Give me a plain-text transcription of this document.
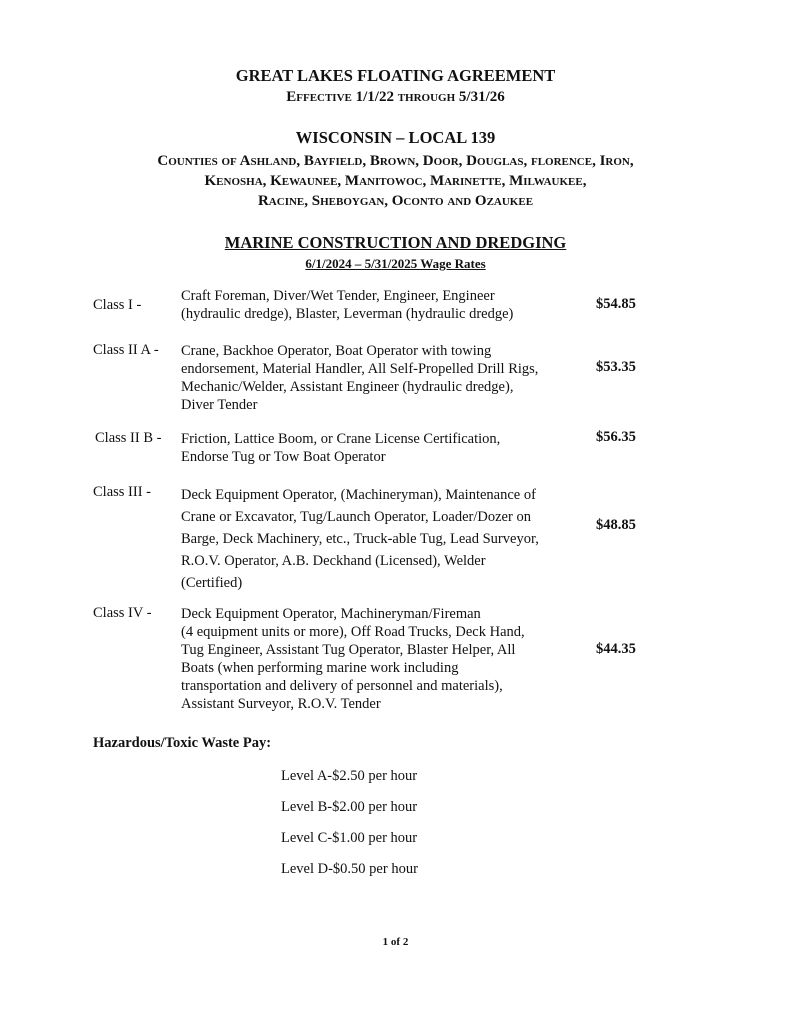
GREAT LAKES FLOATING AGREEMENT
Effective 1/1/22 through 5/31/26
WISCONSIN – LOCAL 139
Counties of Ashland, Bayfield, Brown, Door, Douglas, florence, Iron,
Kenosha, Kewaunee, Manitowoc, Marinette, Milwaukee,
Racine, Sheboygan, Oconto and Ozaukee
MARINE CONSTRUCTION AND DREDGING
6/1/2024 – 5/31/2025 Wage Rates
Class I -
Craft Foreman, Diver/Wet Tender, Engineer, Engineer
(hydraulic dredge), Blaster, Leverman (hydraulic dredge)
$54.85
Class II A - Crane, Backhoe Operator, Boat Operator with towing
endorsement, Material Handler, All Self-Propelled Drill Rigs,
Mechanic/Welder, Assistant Engineer (hydraulic dredge),
Diver Tender
$53.35
Class II B - Friction, Lattice Boom, or Crane License Certification,
Endorse Tug or Tow Boat Operator
$56.35
Class III - Deck Equipment Operator, (Machineryman), Maintenance of
Crane or Excavator, Tug/Launch Operator, Loader/Dozer on
Barge, Deck Machinery, etc., Truck-able Tug, Lead Surveyor,
R.O.V. Operator, A.B. Deckhand (Licensed), Welder
(Certified)
$48.85
Class IV - Deck Equipment Operator, Machineryman/Fireman
(4 equipment units or more), Off Road Trucks, Deck Hand,
Tug Engineer, Assistant Tug Operator, Blaster Helper, All
Boats (when performing marine work including
transportation and delivery of personnel and materials),
Assistant Surveyor, R.O.V. Tender
$44.35
Hazardous/Toxic Waste Pay:
Level A-$2.50 per hour
Level B-$2.00 per hour
Level C-$1.00 per hour
Level D-$0.50 per hour
1 of 2
